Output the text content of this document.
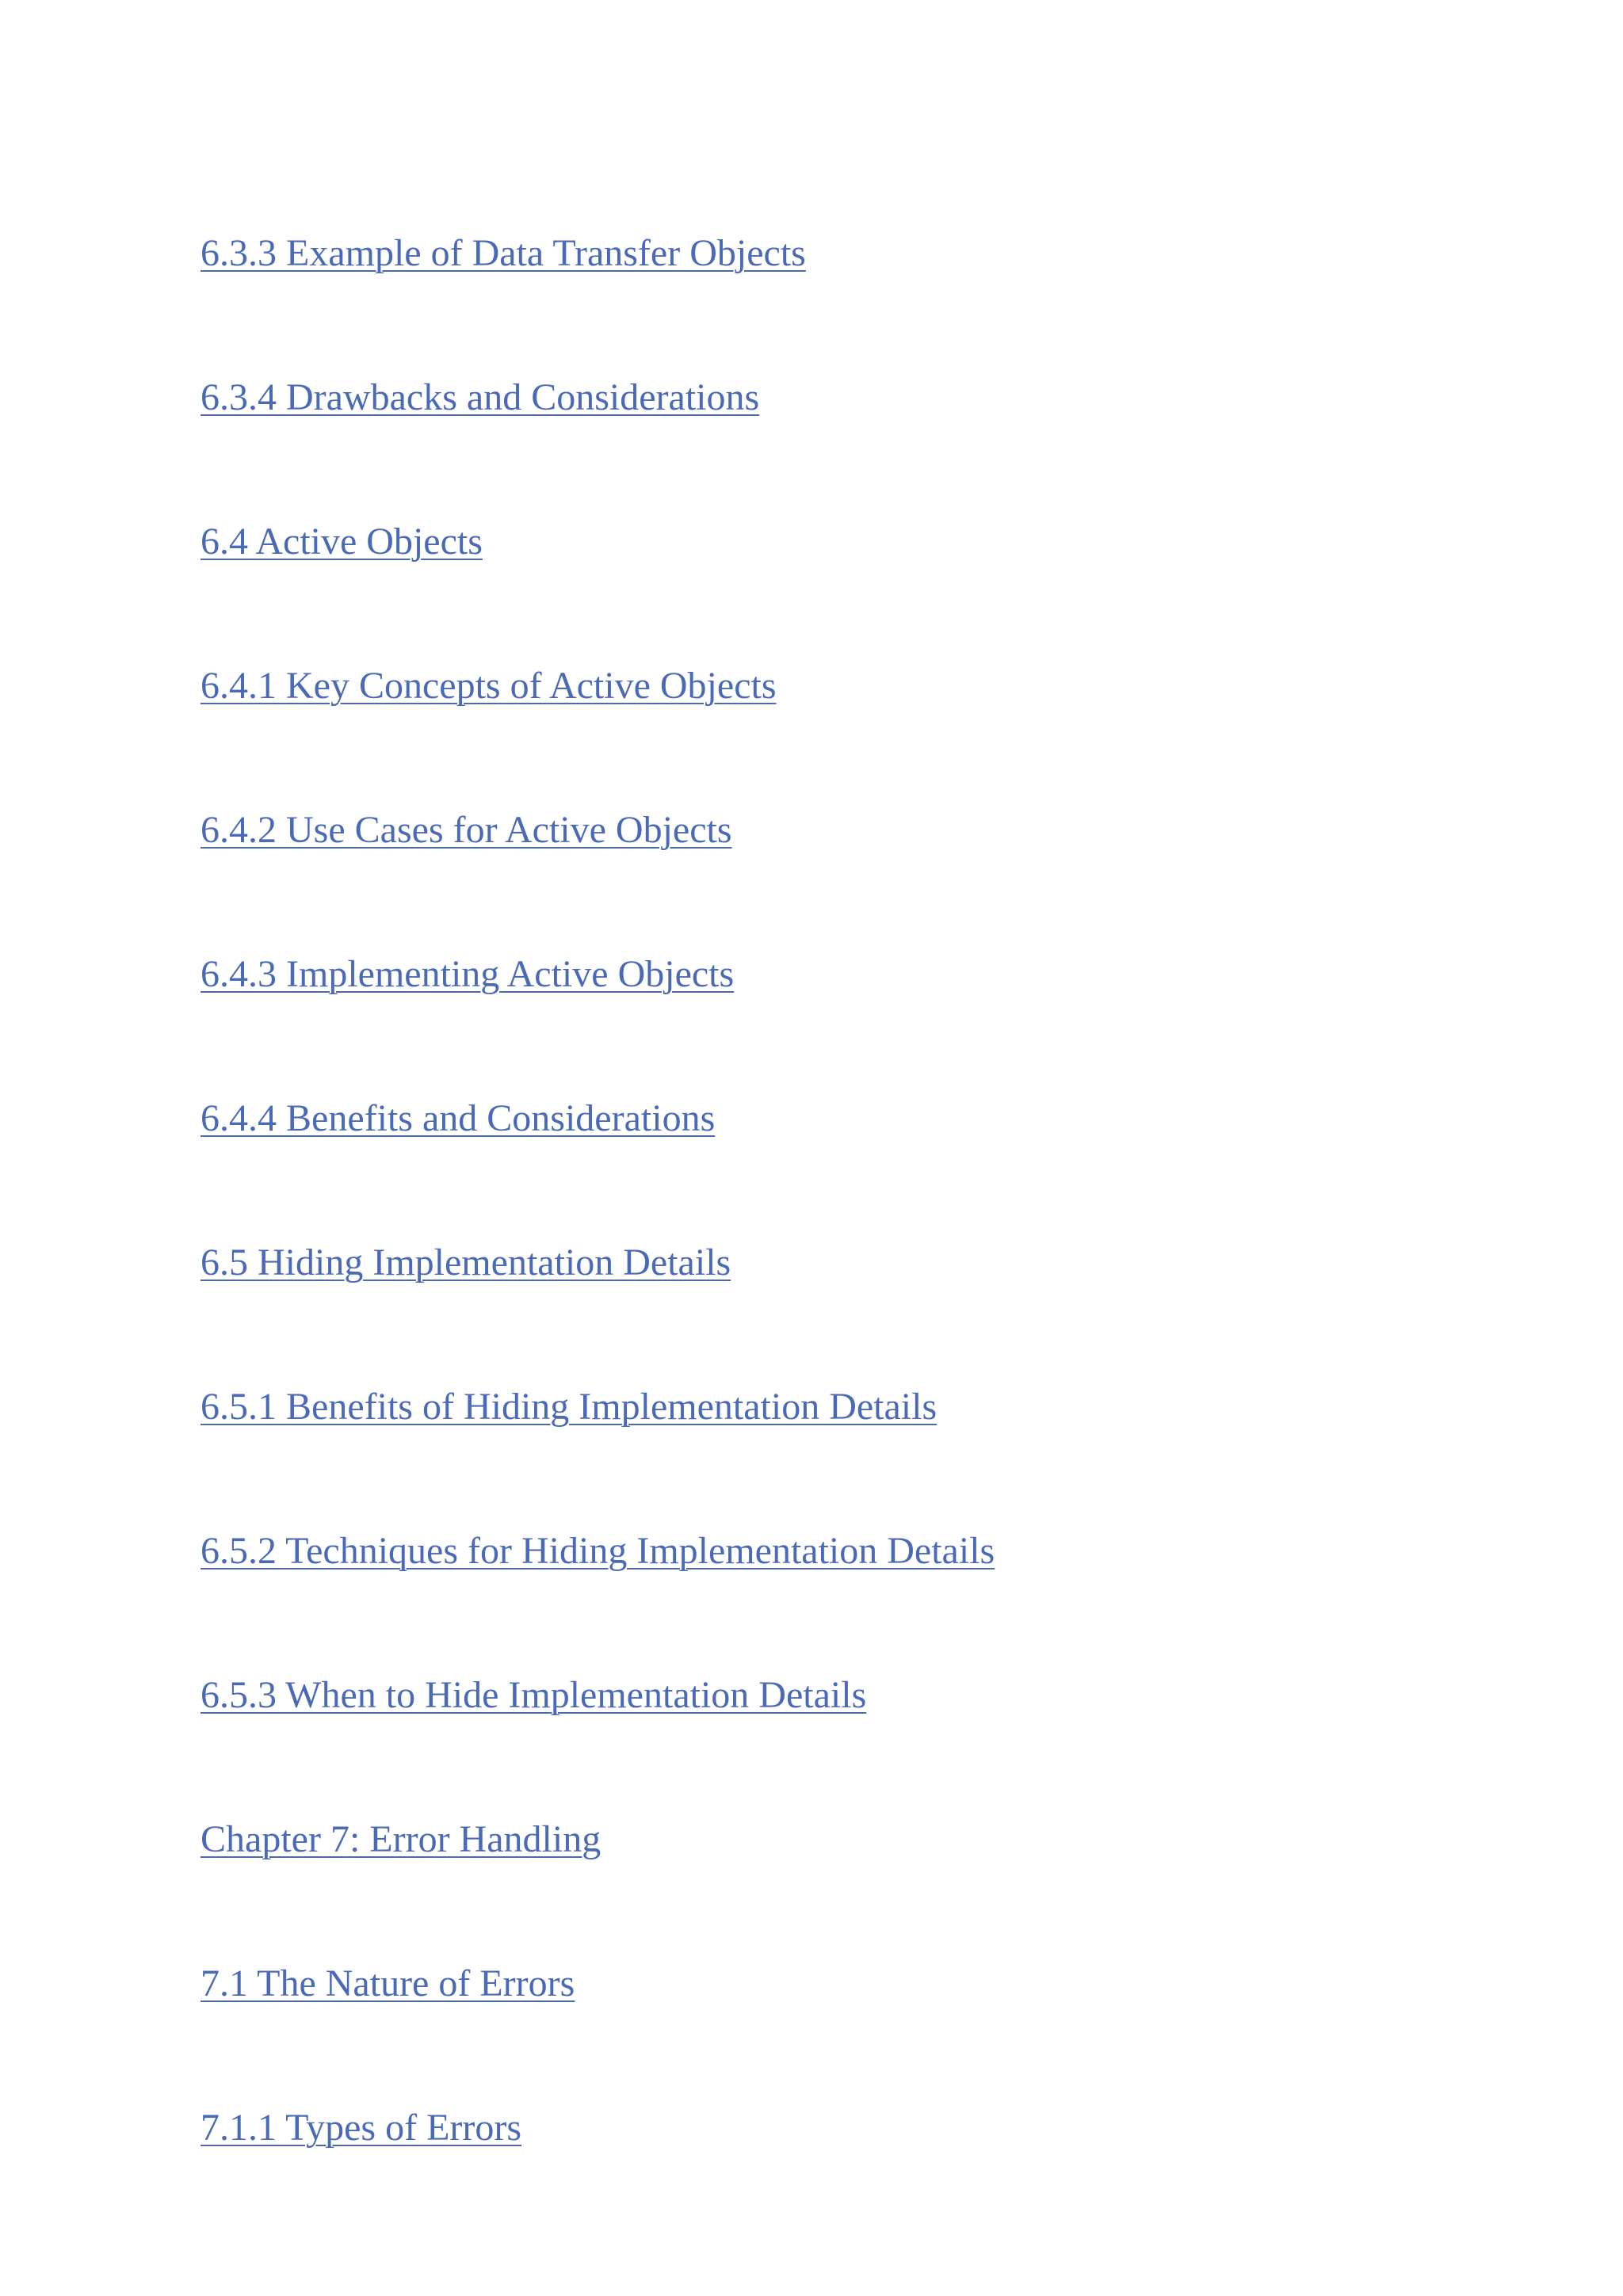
6.3.3 Example of Data Transfer Objects
6.3.4 Drawbacks and Considerations
6.4 Active Objects
6.4.1 Key Concepts of Active Objects
6.4.2 Use Cases for Active Objects
6.4.3 Implementing Active Objects
6.4.4 Benefits and Considerations
6.5 Hiding Implementation Details
6.5.1 Benefits of Hiding Implementation Details
6.5.2 Techniques for Hiding Implementation Details
6.5.3 When to Hide Implementation Details
Chapter 7: Error Handling
7.1 The Nature of Errors
7.1.1 Types of Errors
